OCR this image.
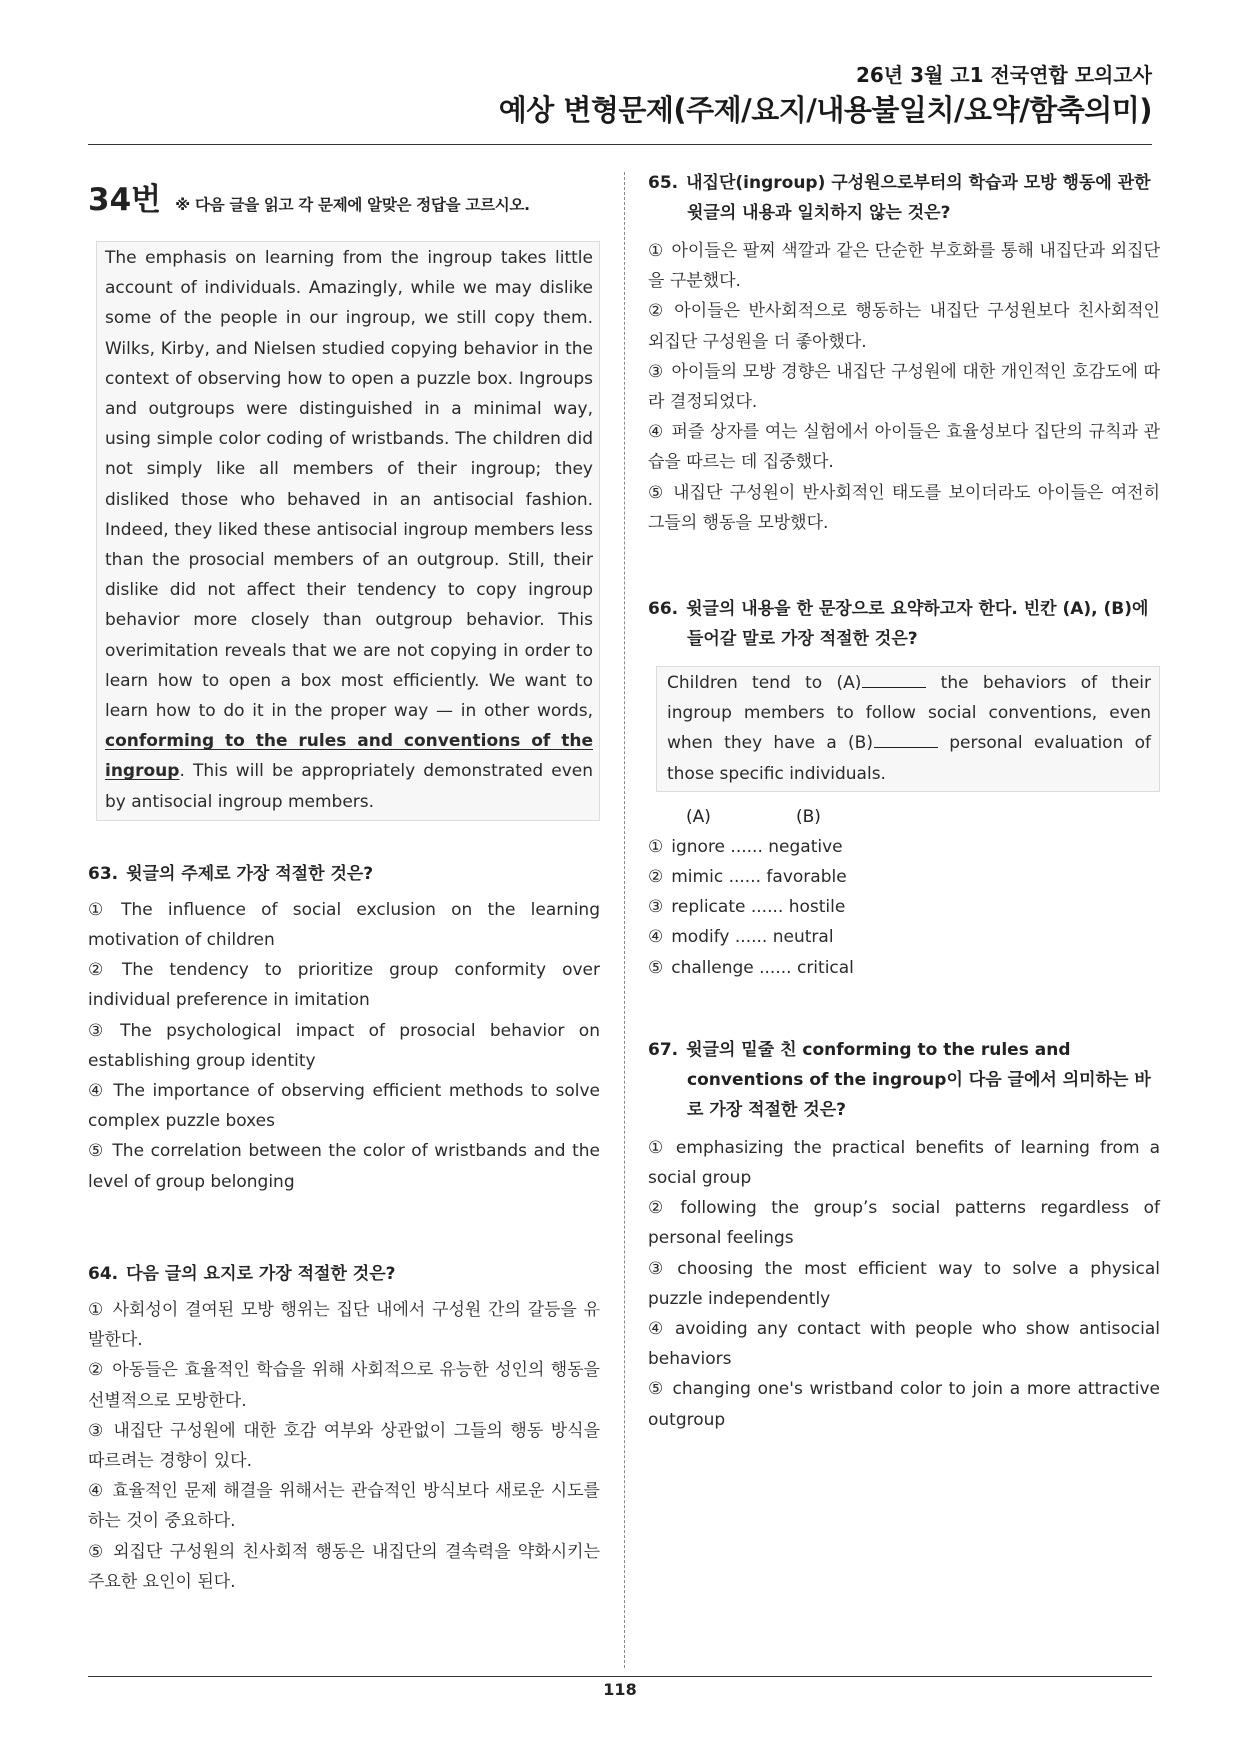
26년 3월 고1 전국연합 모의고사
예상 변형문제(주제/요지/내용불일치/요약/함축의미)
34번 ※ 다음 글을 읽고 각 문제에 알맞은 정답을 고르시오.
The emphasis on learning from the ingroup takes little account of individuals. Amazingly, while we may dislike some of the people in our ingroup, we still copy them. Wilks, Kirby, and Nielsen studied copying behavior in the context of observing how to open a puzzle box. Ingroups and outgroups were distinguished in a minimal way, using simple color coding of wristbands. The children did not simply like all members of their ingroup; they disliked those who behaved in an antisocial fashion. Indeed, they liked these antisocial ingroup members less than the prosocial members of an outgroup. Still, their dislike did not affect their tendency to copy ingroup behavior more closely than outgroup behavior. This overimitation reveals that we are not copying in order to learn how to open a box most efficiently. We want to learn how to do it in the proper way — in other words, conforming to the rules and conventions of the ingroup. This will be appropriately demonstrated even by antisocial ingroup members.
63. 윗글의 주제로 가장 적절한 것은?
① The influence of social exclusion on the learning motivation of children
② The tendency to prioritize group conformity over individual preference in imitation
③ The psychological impact of prosocial behavior on establishing group identity
④ The importance of observing efficient methods to solve complex puzzle boxes
⑤ The correlation between the color of wristbands and the level of group belonging
64. 다음 글의 요지로 가장 적절한 것은?
① 사회성이 결여된 모방 행위는 집단 내에서 구성원 간의 갈등을 유발한다.
② 아동들은 효율적인 학습을 위해 사회적으로 유능한 성인의 행동을 선별적으로 모방한다.
③ 내집단 구성원에 대한 호감 여부와 상관없이 그들의 행동 방식을 따르려는 경향이 있다.
④ 효율적인 문제 해결을 위해서는 관습적인 방식보다 새로운 시도를 하는 것이 중요하다.
⑤ 외집단 구성원의 친사회적 행동은 내집단의 결속력을 약화시키는 주요한 요인이 된다.
65. 내집단(ingroup) 구성원으로부터의 학습과 모방 행동에 관한 윗글의 내용과 일치하지 않는 것은?
① 아이들은 팔찌 색깔과 같은 단순한 부호화를 통해 내집단과 외집단을 구분했다.
② 아이들은 반사회적으로 행동하는 내집단 구성원보다 친사회적인 외집단 구성원을 더 좋아했다.
③ 아이들의 모방 경향은 내집단 구성원에 대한 개인적인 호감도에 따라 결정되었다.
④ 퍼즐 상자를 여는 실험에서 아이들은 효율성보다 집단의 규칙과 관습을 따르는 데 집중했다.
⑤ 내집단 구성원이 반사회적인 태도를 보이더라도 아이들은 여전히 그들의 행동을 모방했다.
66. 윗글의 내용을 한 문장으로 요약하고자 한다. 빈칸 (A), (B)에 들어갈 말로 가장 적절한 것은?
Children tend to (A)	the behaviors of their ingroup members to follow social conventions, even when they have a (B)	personal evaluation of those specific individuals.
(A)	(B)
① ignore ...... negative
② mimic ...... favorable
③ replicate ...... hostile
④ modify ...... neutral
⑤ challenge ...... critical
67. 윗글의 밑줄 친 conforming to the rules and conventions of the ingroup이 다음 글에서 의미하는 바로 가장 적절한 것은?
① emphasizing the practical benefits of learning from a social group
② following the group’s social patterns regardless of personal feelings
③ choosing the most efficient way to solve a physical puzzle independently
④ avoiding any contact with people who show antisocial behaviors
⑤ changing one's wristband color to join a more attractive outgroup
118
